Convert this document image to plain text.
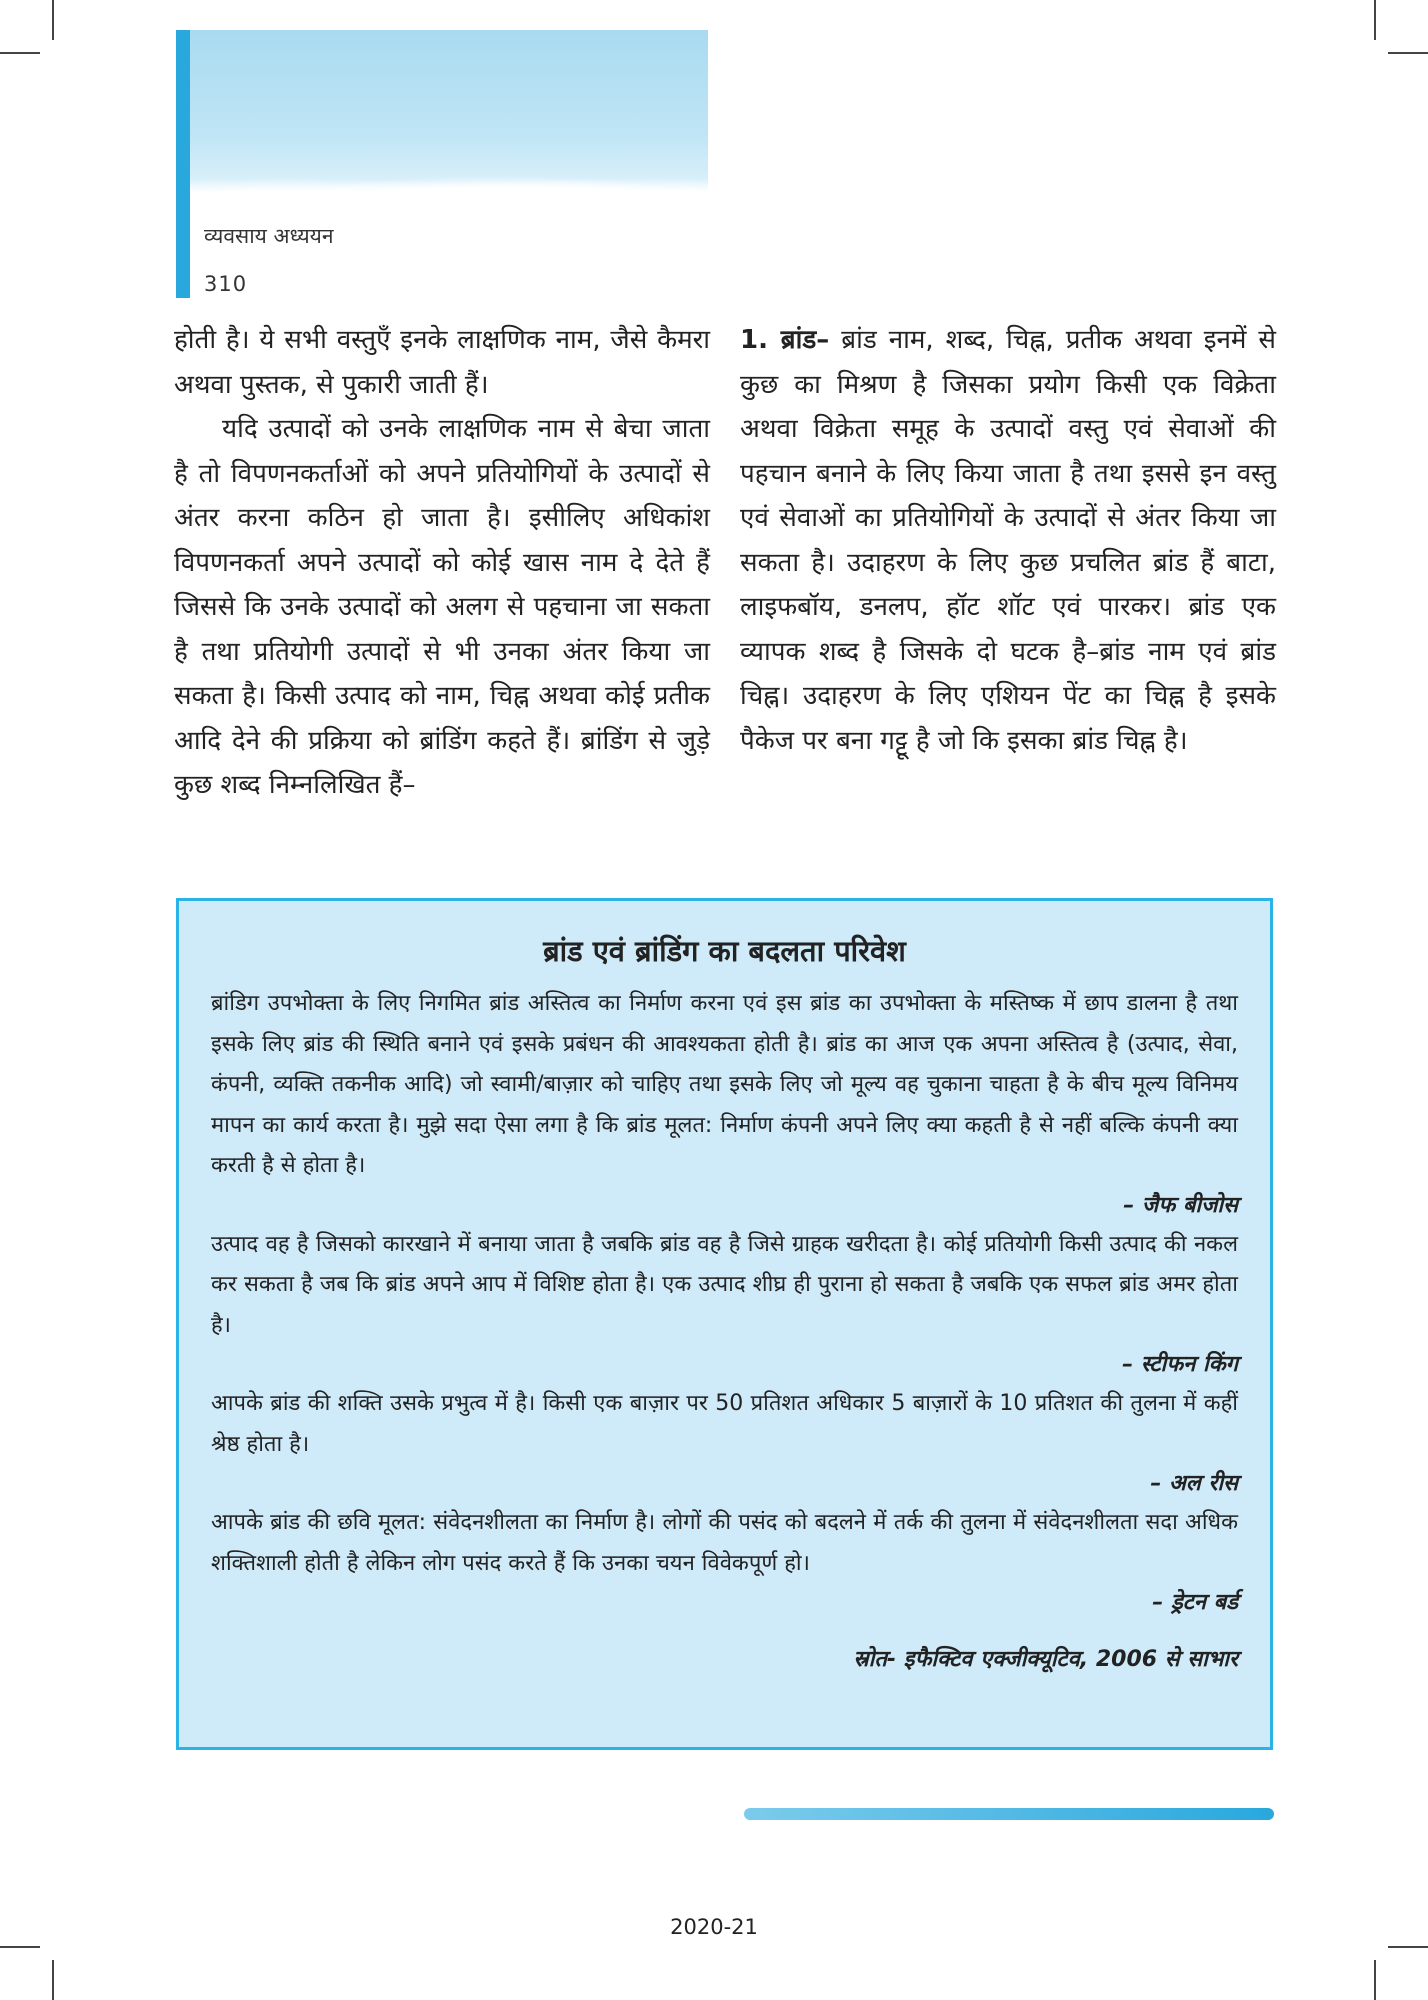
व्यवसाय अध्ययन
310

होती है। ये सभी वस्तुएँ इनके लाक्षणिक नाम, जैसे कैमरा अथवा पुस्तक, से पुकारी जाती हैं।

यदि उत्पादों को उनके लाक्षणिक नाम से बेचा जाता है तो विपणनकर्ताओं को अपने प्रतियोगियों के उत्पादों से अंतर करना कठिन हो जाता है। इसीलिए अधिकांश विपणनकर्ता अपने उत्पादों को कोई खास नाम दे देते हैं जिससे कि उनके उत्पादों को अलग से पहचाना जा सकता है तथा प्रतियोगी उत्पादों से भी उनका अंतर किया जा सकता है। किसी उत्पाद को नाम, चिह्न अथवा कोई प्रतीक आदि देने की प्रक्रिया को ब्रांडिंग कहते हैं। ब्रांडिंग से जुड़े कुछ शब्द निम्नलिखित हैं–

1. ब्रांड– ब्रांड नाम, शब्द, चिह्न, प्रतीक अथवा इनमें से कुछ का मिश्रण है जिसका प्रयोग किसी एक विक्रेता अथवा विक्रेता समूह के उत्पादों वस्तु एवं सेवाओं की पहचान बनाने के लिए किया जाता है तथा इससे इन वस्तु एवं सेवाओं का प्रतियोगियों के उत्पादों से अंतर किया जा सकता है। उदाहरण के लिए कुछ प्रचलित ब्रांड हैं बाटा, लाइफबॉय, डनलप, हॉट शॉट एवं पारकर। ब्रांड एक व्यापक शब्द है जिसके दो घटक है–ब्रांड नाम एवं ब्रांड चिह्न। उदाहरण के लिए एशियन पेंट का चिह्न है इसके पैकेज पर बना गट्टू है जो कि इसका ब्रांड चिह्न है।

ब्रांड एवं ब्रांडिंग का बदलता परिवेश

ब्रांडिग उपभोक्ता के लिए निगमित ब्रांड अस्तित्व का निर्माण करना एवं इस ब्रांड का उपभोक्ता के मस्तिष्क में छाप डालना है तथा इसके लिए ब्रांड की स्थिति बनाने एवं इसके प्रबंधन की आवश्यकता होती है। ब्रांड का आज एक अपना अस्तित्व है (उत्पाद, सेवा, कंपनी, व्यक्ति तकनीक आदि) जो स्वामी/बाज़ार को चाहिए तथा इसके लिए जो मूल्य वह चुकाना चाहता है के बीच मूल्य विनिमय मापन का कार्य करता है। मुझे सदा ऐसा लगा है कि ब्रांड मूलत: निर्माण कंपनी अपने लिए क्या कहती है से नहीं बल्कि कंपनी क्या करती है से होता है।

– जैफ बीजोस

उत्पाद वह है जिसको कारखाने में बनाया जाता है जबकि ब्रांड वह है जिसे ग्राहक खरीदता है। कोई प्रतियोगी किसी उत्पाद की नकल कर सकता है जब कि ब्रांड अपने आप में विशिष्ट होता है। एक उत्पाद शीघ्र ही पुराना हो सकता है जबकि एक सफल ब्रांड अमर होता है।

– स्टीफन किंग

आपके ब्रांड की शक्ति उसके प्रभुत्व में है। किसी एक बाज़ार पर 50 प्रतिशत अधिकार 5 बाज़ारों के 10 प्रतिशत की तुलना में कहीं श्रेष्ठ होता है।

– अल रीस

आपके ब्रांड की छवि मूलत: संवेदनशीलता का निर्माण है। लोगों की पसंद को बदलने में तर्क की तुलना में संवेदनशीलता सदा अधिक शक्तिशाली होती है लेकिन लोग पसंद करते हैं कि उनका चयन विवेकपूर्ण हो।

– ड्रेटन बर्ड

स्रोत- इफैक्टिव एक्जीक्यूटिव, 2006 से साभार

2020-21
